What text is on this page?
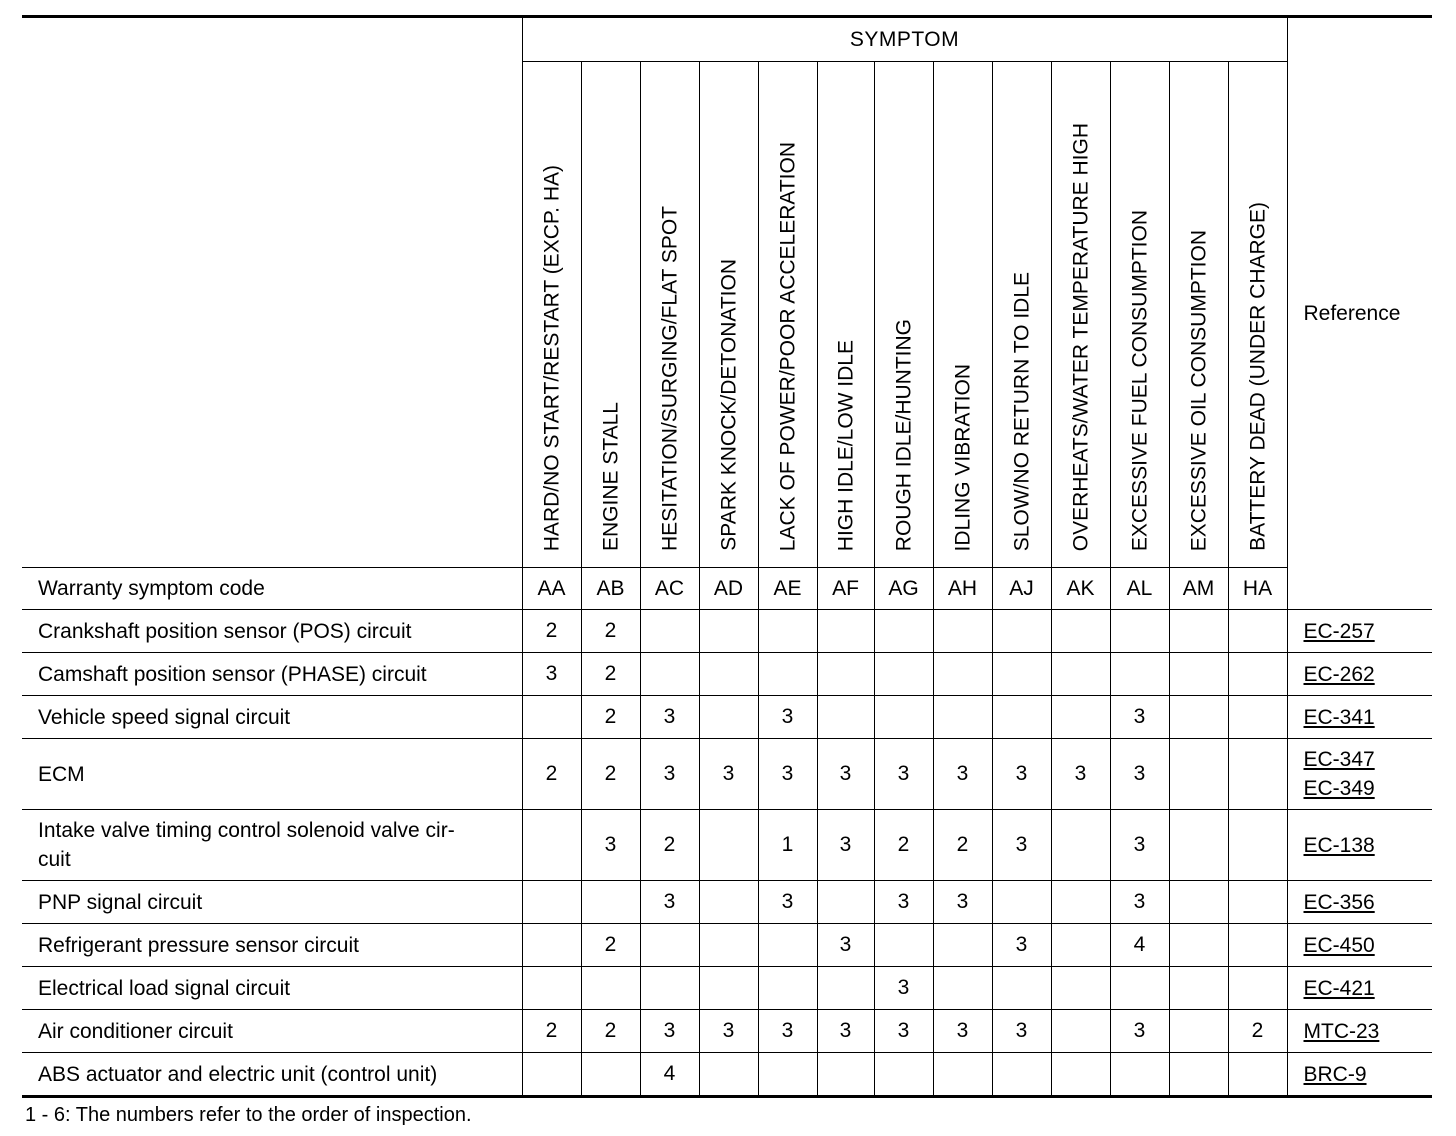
	SYMPTOM													Reference

	HARD/NO START/RESTART (EXCP. HA)	ENGINE STALL	HESITATION/SURGING/FLAT SPOT	SPARK KNOCK/DETONATION	LACK OF POWER/POOR ACCELERATION	HIGH IDLE/LOW IDLE	ROUGH IDLE/HUNTING	IDLING VIBRATION	SLOW/NO RETURN TO IDLE	OVERHEATS/WATER TEMPERATURE HIGH	EXCESSIVE FUEL CONSUMPTION	EXCESSIVE OIL CONSUMPTION	BATTERY DEAD (UNDER CHARGE)	

Warranty symptom code	AA	AB	AC	AD	AE	AF	AG	AH	AJ	AK	AL	AM	HA	
Crankshaft position sensor (POS) circuit	2	2												EC-257

Camshaft position sensor (PHASE) circuit	3	2												EC-262

Vehicle speed signal circuit		2	3		3						3			EC-341

ECM	2	2	3	3	3	3	3	3	3	3	3			EC-347
EC-349

Intake valve timing control solenoid valve cir-
cuit		3	2		1	3	2	2	3		3			EC-138

PNP signal circuit			3		3		3	3			3			EC-356

Refrigerant pressure sensor circuit		2				3			3		4			EC-450

Electrical load signal circuit							3							EC-421

Air conditioner circuit	2	2	3	3	3	3	3	3	3		3		2	MTC-23

ABS actuator and electric unit (control unit)			4											BRC-9
1 - 6: The numbers refer to the order of inspection.
